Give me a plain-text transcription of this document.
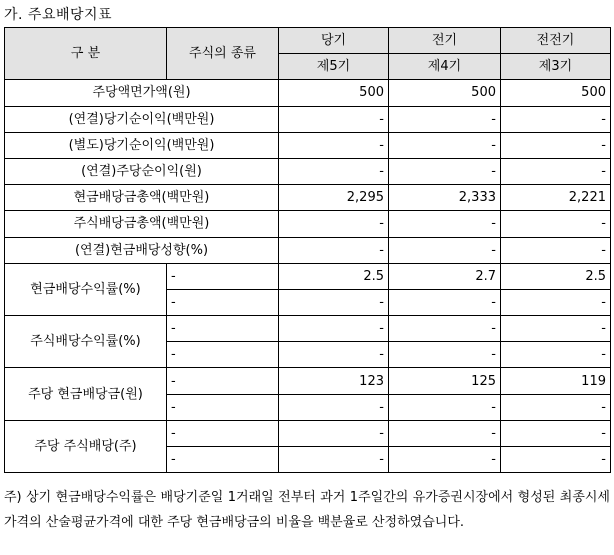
가. 주요배당지표
구 분	주식의 종류	당기	전기	전전기
		제5기	제4기	제3기
주당액면가액(원)		500	500	500
(연결)당기순이익(백만원)		-	-	-
(별도)당기순이익(백만원)		-	-	-
(연결)주당순이익(원)		-	-	-
현금배당금총액(백만원)		2,295	2,333	2,221
주식배당금총액(백만원)		-	-	-
(연결)현금배당성향(%)		-	-	-
현금배당수익률(%)	-	2.5	2.7	2.5
	-	-	-	-
주식배당수익률(%)	-	-	-	-
	-	-	-	-
주당 현금배당금(원)	-	123	125	119
	-	-	-	-
주당 주식배당(주)	-	-	-	-
	-	-	-	-
주) 상기 현금배당수익률은 배당기준일 1거래일 전부터 과거 1주일간의 유가증권시장에서 형성된 최종시세가격의 산술평균가격에 대한 주당 현금배당금의 비율을 백분율로 산정하였습니다.
